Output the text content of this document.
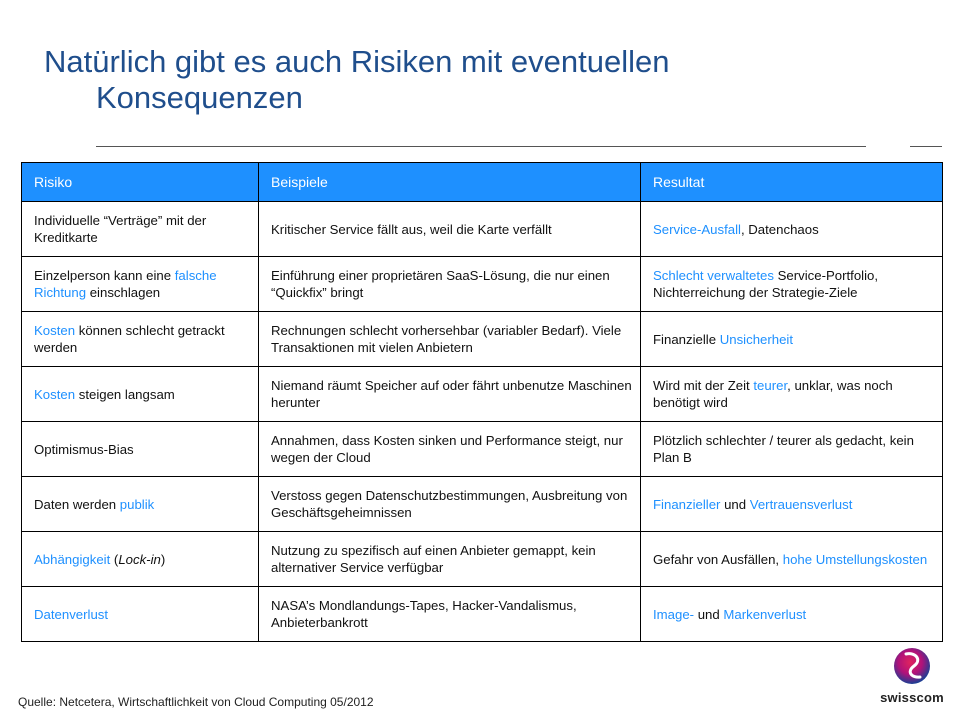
Natürlich gibt es auch Risiken mit eventuellen
Konsequenzen
Risiko	Beispiele	Resultat
Individuelle “Verträge” mit der Kreditkarte	Kritischer Service fällt aus, weil die Karte verfällt	Service-Ausfall, Datenchaos
Einzelperson kann eine falsche Richtung einschlagen	Einführung einer proprietären SaaS-Lösung, die nur einen “Quickfix” bringt	Schlecht verwaltetes Service-Portfolio, Nichterreichung der Strategie-Ziele
Kosten können schlecht getrackt werden	Rechnungen schlecht vorhersehbar (variabler Bedarf). Viele Transaktionen mit vielen Anbietern	Finanzielle Unsicherheit
Kosten steigen langsam	Niemand räumt Speicher auf oder fährt unbenutze Maschinen herunter	Wird mit der Zeit teurer, unklar, was noch benötigt wird
Optimismus-Bias	Annahmen, dass Kosten sinken und Performance steigt, nur wegen der Cloud	Plötzlich schlechter / teurer als gedacht, kein Plan B
Daten werden publik	Verstoss gegen Datenschutzbestimmungen, Ausbreitung von Geschäftsgeheimnissen	Finanzieller und Vertrauensverlust
Abhängigkeit (Lock-in)	Nutzung zu spezifisch auf einen Anbieter gemappt, kein alternativer Service verfügbar	Gefahr von Ausfällen, hohe Umstellungskosten
Datenverlust	NASA’s Mondlandungs-Tapes, Hacker-Vandalismus, Anbieterbankrott	Image- und Markenverlust
Quelle: Netcetera, Wirtschaftlichkeit von Cloud Computing 05/2012	swisscom
